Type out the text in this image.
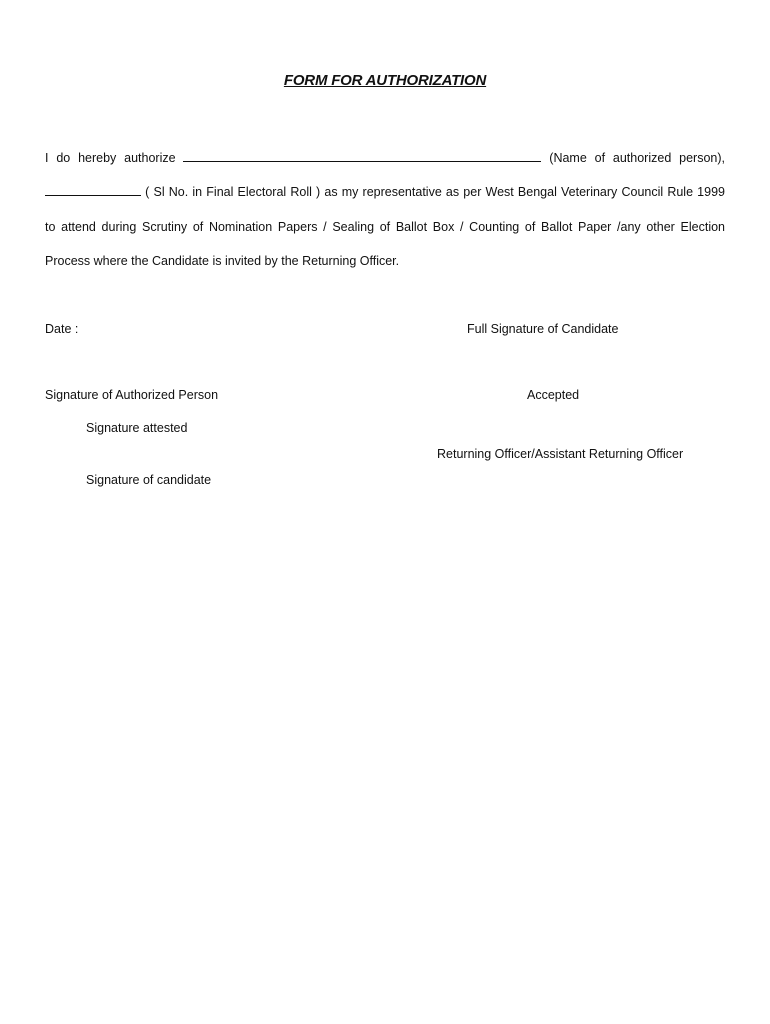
FORM FOR AUTHORIZATION
I do hereby authorize	(Name of authorized person),
( Sl No. in Final Electoral Roll ) as my representative as per West Bengal Veterinary Council Rule 1999
to attend during Scrutiny of Nomination Papers / Sealing of Ballot Box / Counting of Ballot Paper /any other Election
Process where the Candidate is invited by the Returning Officer.
Date :	Full Signature of Candidate
Signature of Authorized Person	Accepted
Signature attested
Returning Officer/Assistant Returning Officer
Signature of candidate
